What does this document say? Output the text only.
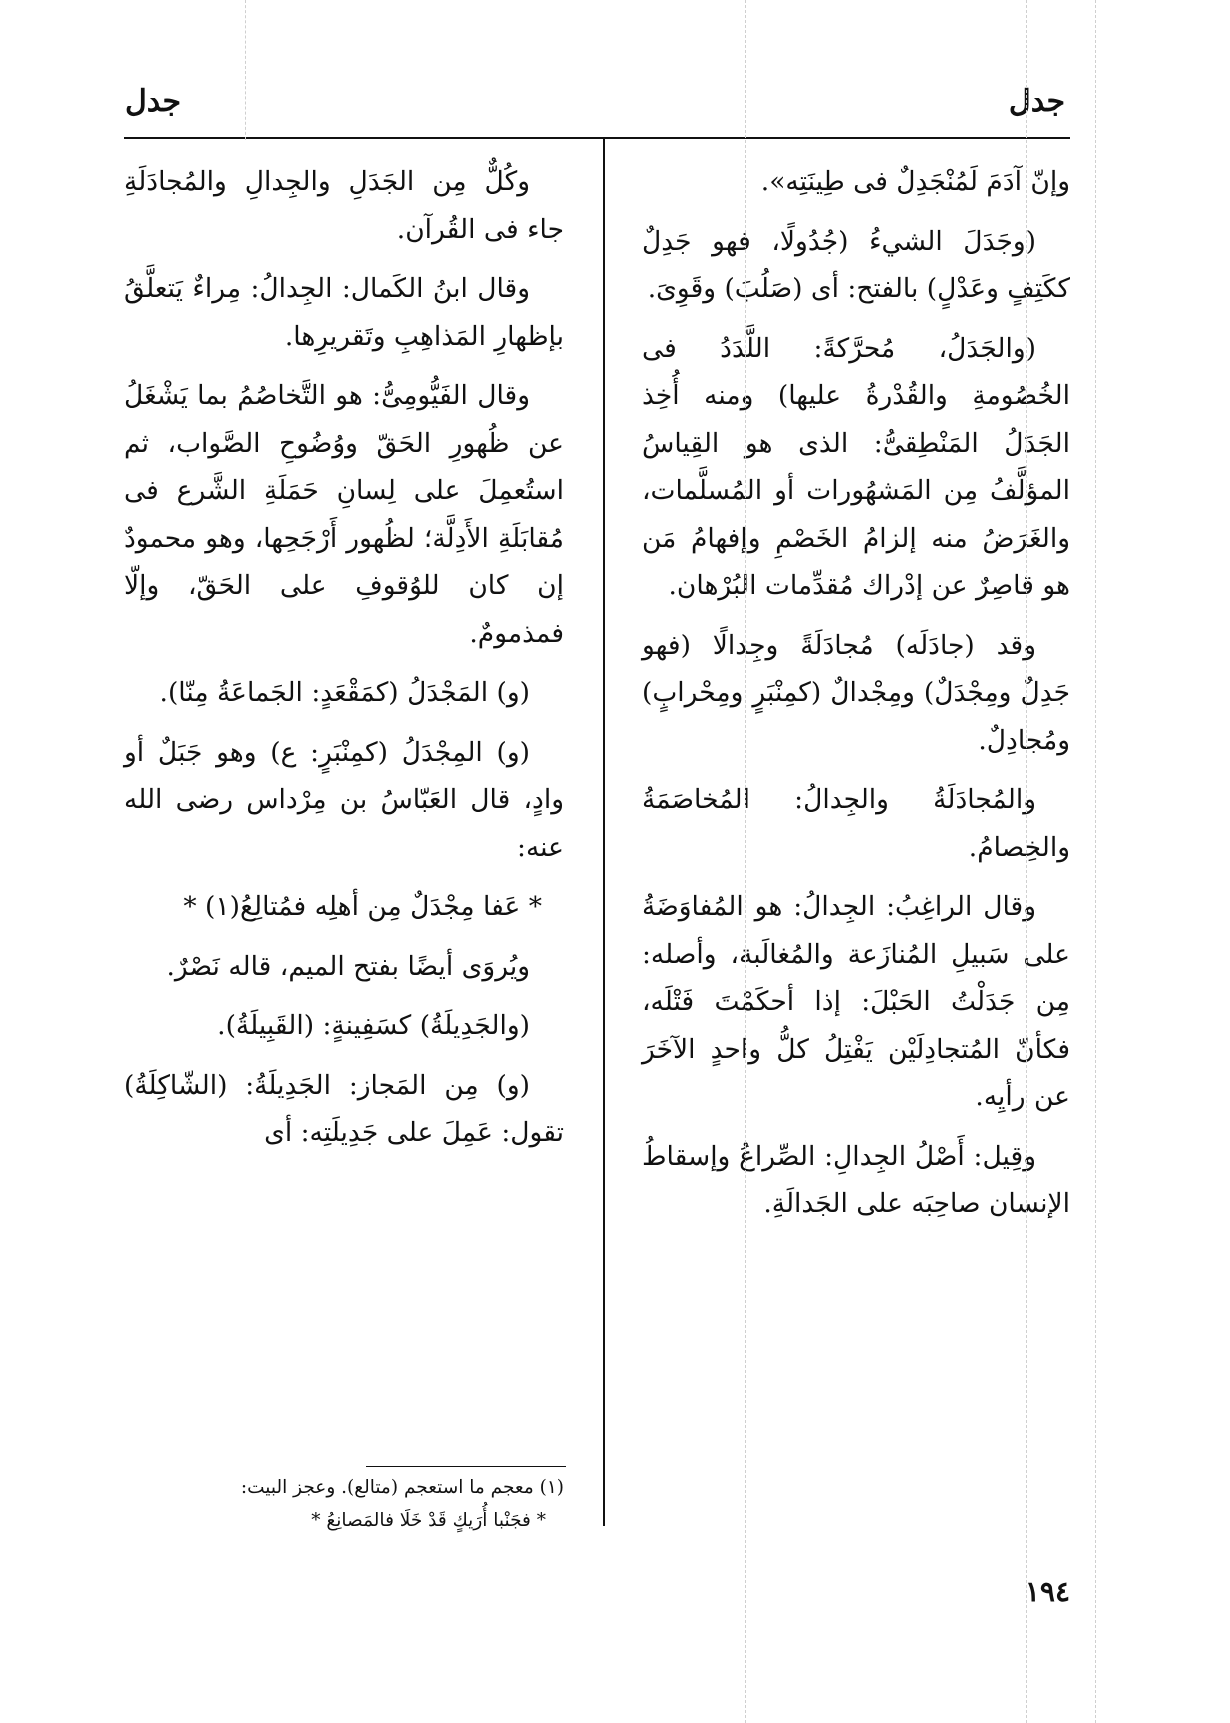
جدل
جدل

وإنّ آدَمَ لَمُنْجَدِلٌ فى طِينَتِه».

(وجَدَلَ الشيءُ (جُدُولًا، فهو جَدِلٌ ككَتِفٍ وعَدْلٍ) بالفتح: أى (صَلُبَ) وقَوِىَ.

(والجَدَلُ، مُحرَّكةً: اللَّدَدُ فى الخُصُومةِ والقُدْرةُ عليها) ومنه أُخِذ الجَدَلُ المَنْطِقىُّ: الذى هو القِياسُ المؤلَّفُ مِن المَشهُورات أو المُسلَّمات، والغَرَضُ منه إلزامُ الخَصْمِ وإفهامُ مَن هو قاصِرٌ عن إدْراك مُقدِّمات البُرْهان.

وقد (جادَلَه) مُجادَلَةً وجِدالًا (فهو جَدِلٌ ومِجْدَلٌ) ومِجْدالٌ (كمِنْبَرٍ ومِحْرابٍ) ومُجادِلٌ.

والمُجادَلَةُ والجِدالُ: المُخاصَمَةُ والخِصامُ.

وقال الراغِبُ: الجِدالُ: هو المُفاوَضَةُ على سَبيلِ المُنازَعة والمُغالَبة، وأصله: مِن جَدَلْتُ الحَبْلَ: إذا أحكَمْتَ فَتْلَه، فكأنّ المُتجادِلَيْن يَفْتِلُ كلُّ واحدٍ الآخَرَ عن رأيِه.

وقِيل: أَصْلُ الجِدالِ: الصِّراعُ وإسقاطُ الإنسان صاحِبَه على الجَدالَةِ.

وكُلٌّ مِن الجَدَلِ والجِدالِ والمُجادَلَةِ جاء فى القُرآن.

وقال ابنُ الكَمال: الجِدالُ: مِراءٌ يَتعلَّقُ بإظهارِ المَذاهِبِ وتَقريرِها.

وقال الفَيُّومِىُّ: هو التَّخاصُمُ بما يَشْغَلُ عن ظُهورِ الحَقّ ووُضُوحِ الصَّواب، ثم استُعمِلَ على لِسانِ حَمَلَةِ الشَّرع فى مُقابَلَةِ الأَدِلَّة؛ لظُهور أَرْجَحِها، وهو محمودٌ إن كان للوُقوفِ على الحَقّ، وإلّا فمذمومٌ.

(و) المَجْدَلُ (كمَقْعَدٍ: الجَماعَةُ مِنّا).

(و) المِجْدَلُ (كمِنْبَرٍ: ع) وهو جَبَلٌ أو وادٍ، قال العَبّاسُ بن مِرْداس رضى الله عنه:

* عَفا مِجْدَلٌ مِن أهلِه فمُتالِعُ(١) *

ويُروَى أيضًا بفتح الميم، قاله نَصْرٌ.

(والجَدِيلَةُ) كسَفِينةٍ: (القَبِيلَةُ).

(و) مِن المَجاز: الجَدِيلَةُ: (الشّاكِلَةُ) تقول: عَمِلَ على جَدِيلَتِه: أى

(١) معجم ما استعجم (متالع). وعجز البيت:

* فجَنْبا أُرَيكٍ قَدْ خَلَا فالمَصانِعُ *

١٩٤
